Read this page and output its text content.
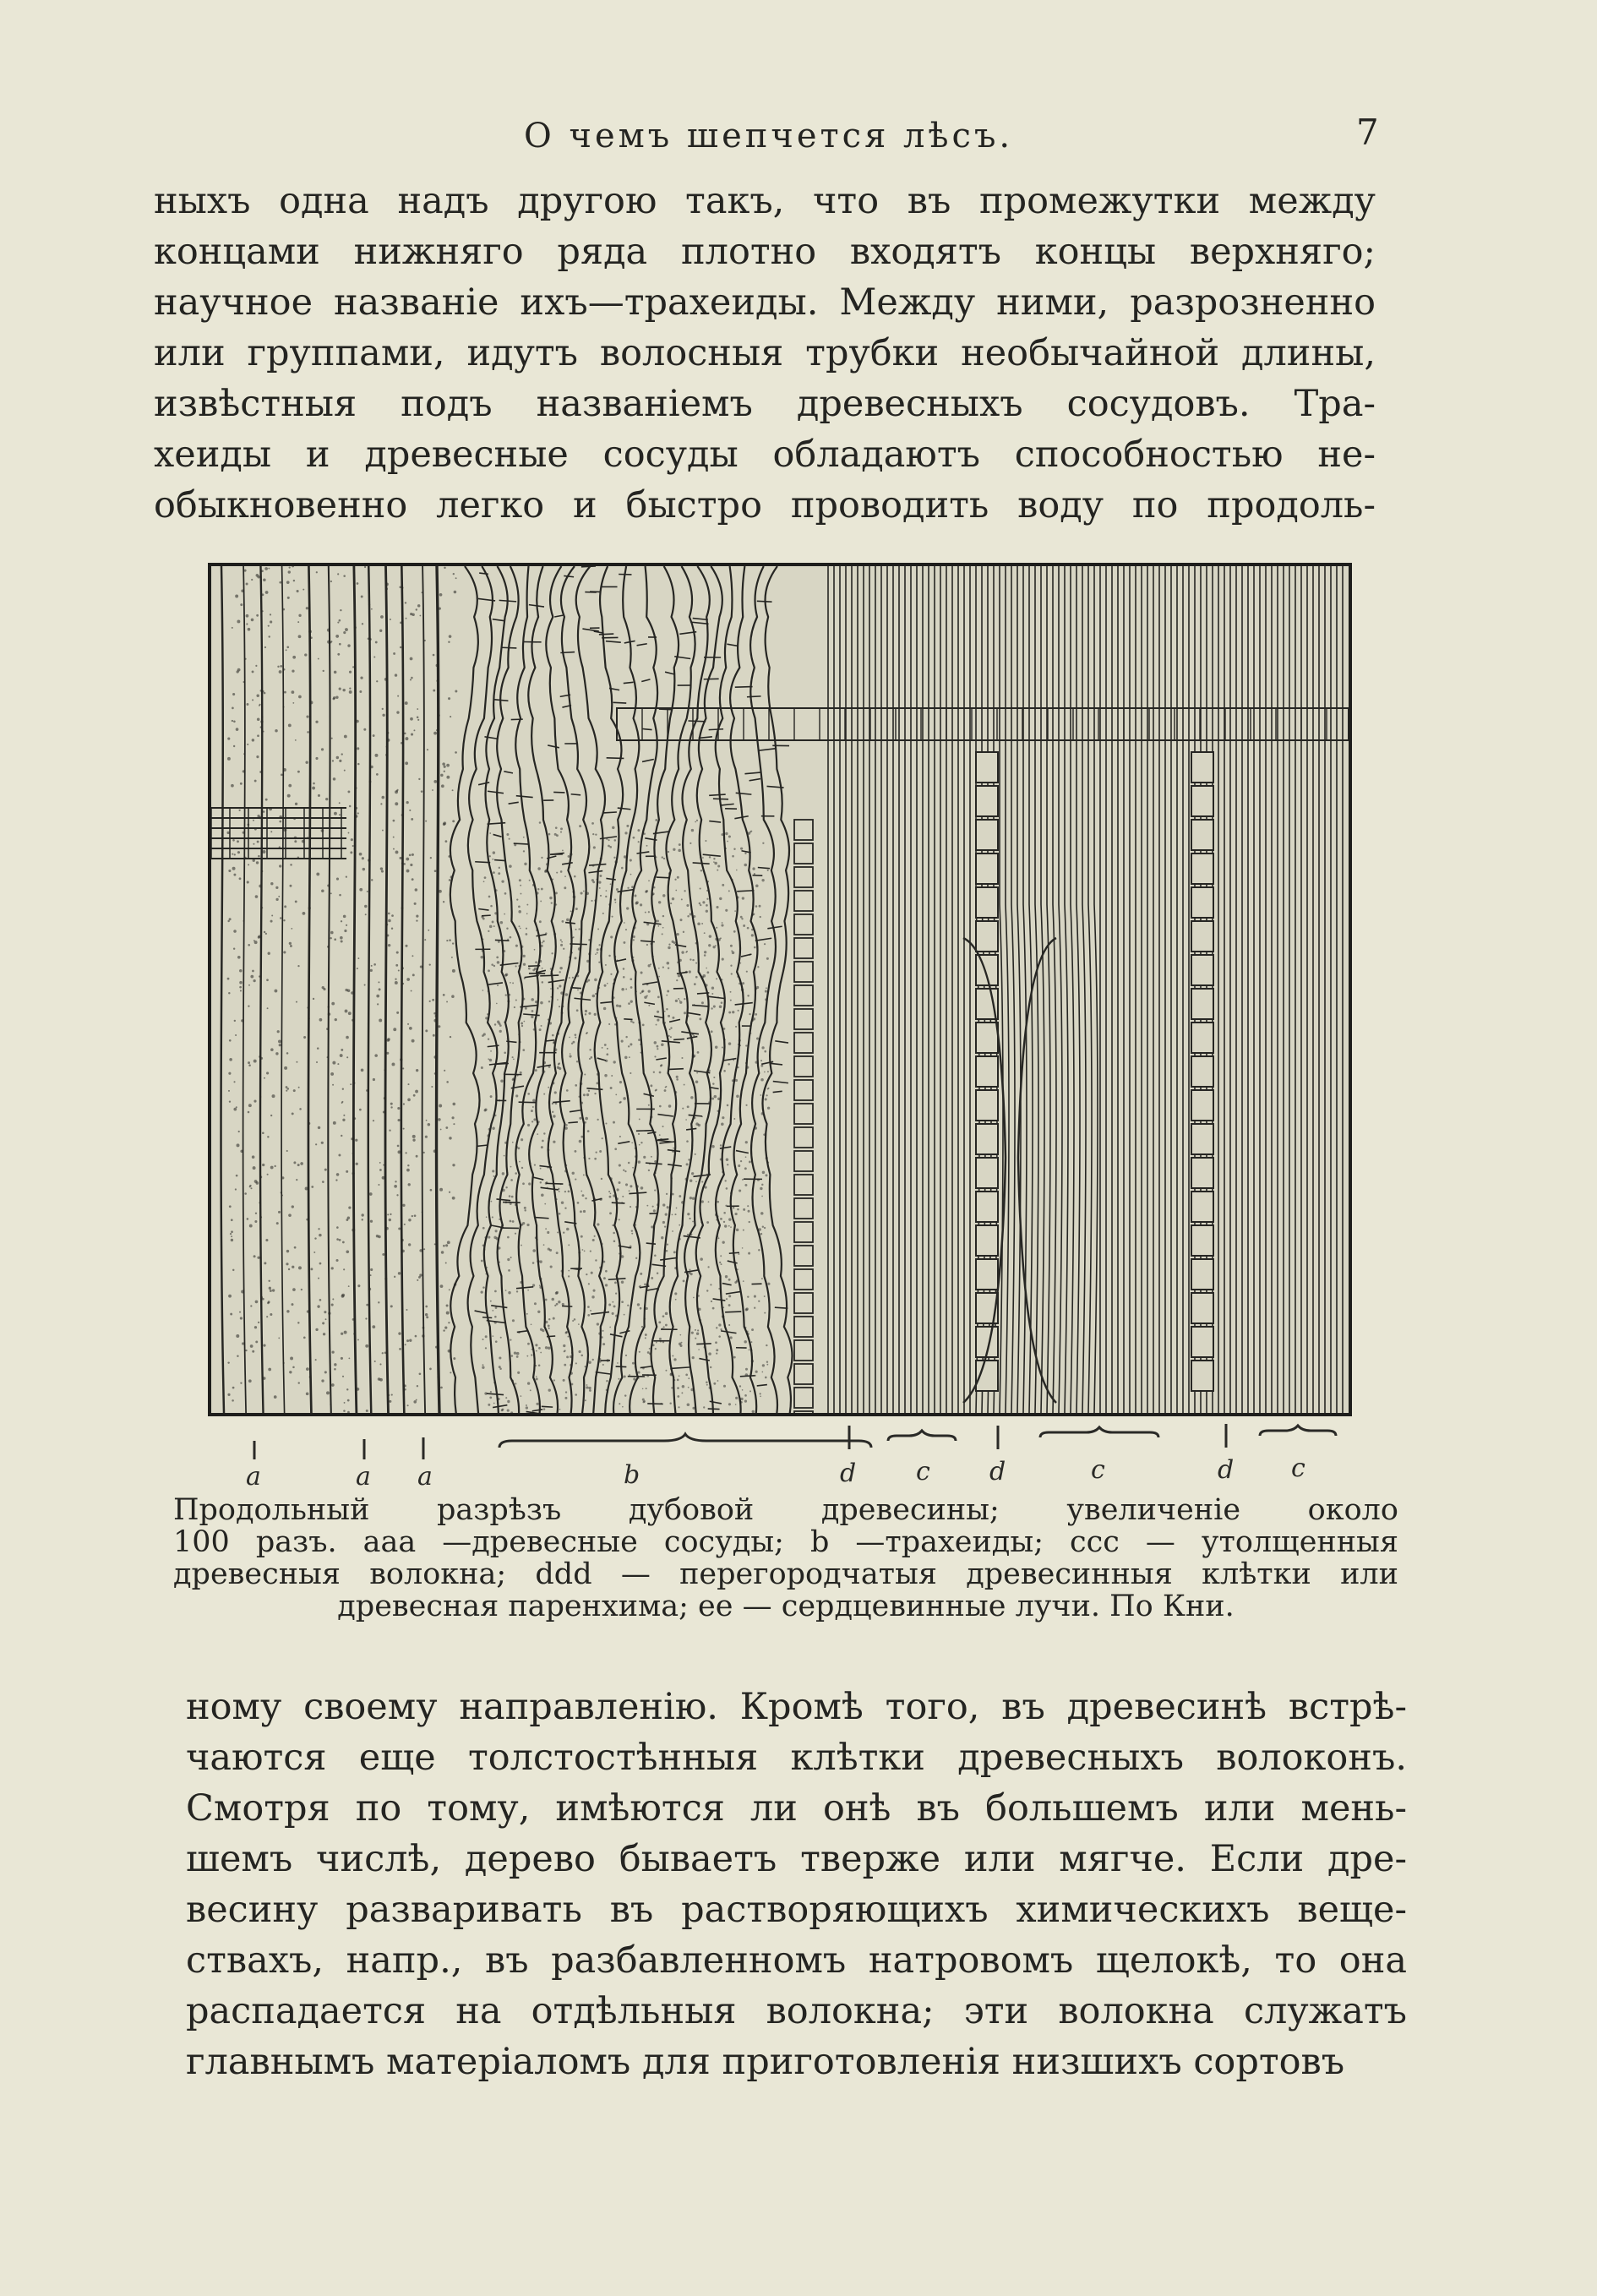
О чемъ шепчется лѣсъ.	7
ныхъ одна надъ другою такъ, что въ промежутки между
концами нижняго ряда плотно входятъ концы верхняго;
научное названіе ихъ—трахеиды. Между ними, разрозненно
или группами, идутъ волосныя трубки необычайной длины,
извѣстныя подъ названіемъ древесныхъ сосудовъ. Тра-
хеиды и древесные сосуды обладаютъ способностью не-
обыкновенно легко и быстро проводить воду по продоль-
a	a a	b	d c d	c	d c
Продольный разрѣзъ дубовой древесины; увеличеніе около
100 разъ. aaa —древесные сосуды; b —трахеиды; ccc — утолщенныя
древесныя волокна; ddd — перегородчатыя древесинныя клѣтки или
древесная паренхима; ee — сердцевинные лучи. По Кни.
ному своему направленію. Кромѣ того, въ древесинѣ встрѣ-
чаются еще толстостѣнныя клѣтки древесныхъ волоконъ.
Смотря по тому, имѣются ли онѣ въ большемъ или мень-
шемъ числѣ, дерево бываетъ тверже или мягче. Если дре-
весину разваривать въ растворяющихъ химическихъ веще-
ствахъ, напр., въ разбавленномъ натровомъ щелокѣ, то она
распадается на отдѣльныя волокна; эти волокна служатъ
главнымъ матеріаломъ для приготовленія низшихъ сортовъ
